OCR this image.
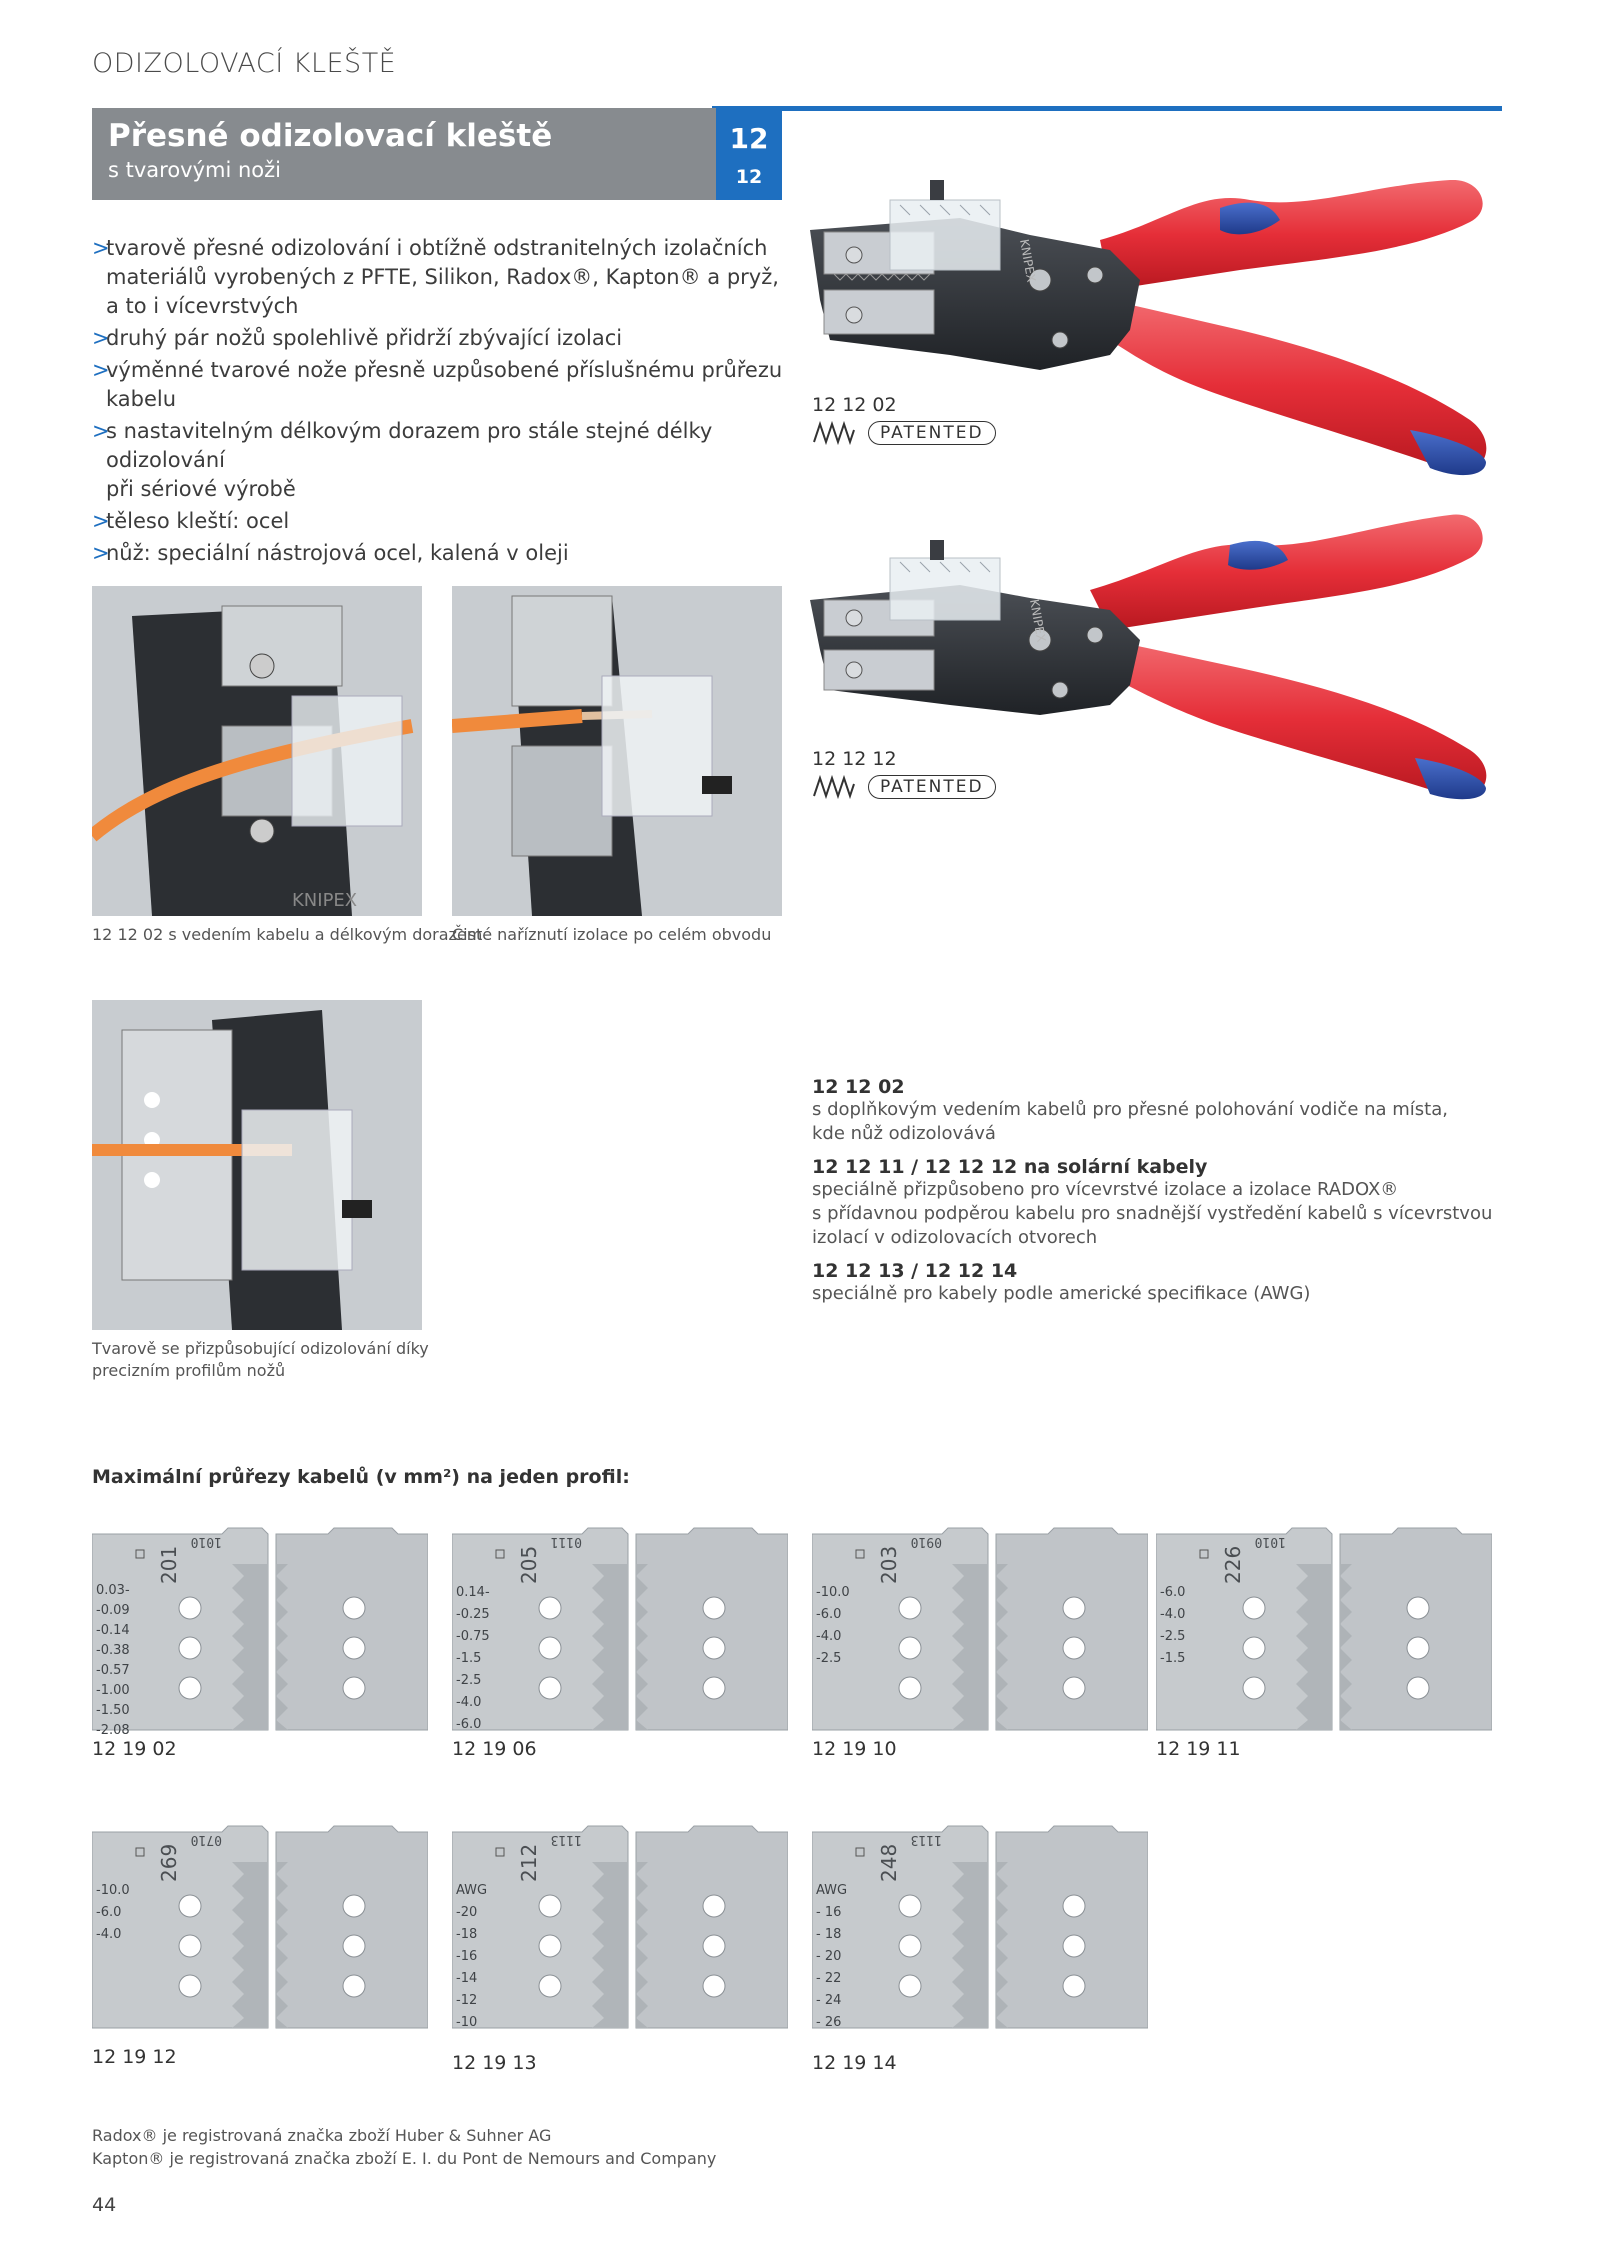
ODIZOLOVACÍ KLEŠTĚ
Přesné odizolovací kleště
s tvarovými noži
12
12
>
tvarově přesné odizolování i obtížně odstranitelných izolačních
materiálů vyrobených z PFTE, Silikon, Radox®, Kapton® a pryž,
a to i vícevrstvých
>
druhý pár nožů spolehlivě přidrží zbývající izolaci
>
výměnné tvarové nože přesně uzpůsobené příslušnému průřezu kabelu
>
s nastavitelným délkovým dorazem pro stále stejné délky odizolování
při sériové výrobě
>
těleso kleští: ocel
>
nůž: speciální nástrojová ocel, kalená v oleji
KNIPEX
12 12 02
PATENTED
KNIPEX
12 12 12
PATENTED
KNIPEX
12 12 02 s vedením kabelu a délkovým dorazem
Čisté naříznutí izolace po celém obvodu
Tvarově se přizpůsobující odizolování díky
precizním profilům nožů
12 12 02
s doplňkovým vedením kabelů pro přesné polohování vodiče na místa,
kde nůž odizolovává
12 12 11 / 12 12 12 na solární kabely
speciálně přizpůsobeno pro vícevrstvé izolace a izolace RADOX®
s přídavnou podpěrou kabelu pro snadnější vystředění kabelů s vícevrstvou
izolací v odizolovacích otvorech
12 12 13 / 12 12 14
speciálně pro kabely podle americké specifikace (AWG)
Maximální průřezy kabelů (v mm²) na jeden profil:
201
1010
0.03-
-0.09
-0.14
-0.38
-0.57
-1.00
-1.50
-2.08
12 19 02
205
0111
0.14-
-0.25
-0.75
-1.5
-2.5
-4.0
-6.0
12 19 06
203
0910
-10.0
-6.0
-4.0
-2.5
12 19 10
226
1010
-6.0
-4.0
-2.5
-1.5
12 19 11
269
0710
-10.0
-6.0
-4.0
12 19 12
212
1113
AWG
-20
-18
-16
-14
-12
-10
12 19 13
248
1113
AWG
- 16
- 18
- 20
- 22
- 24
- 26
12 19 14
Radox® je registrovaná značka zboží Huber & Suhner AG
Kapton® je registrovaná značka zboží E. I. du Pont de Nemours and Company
44
